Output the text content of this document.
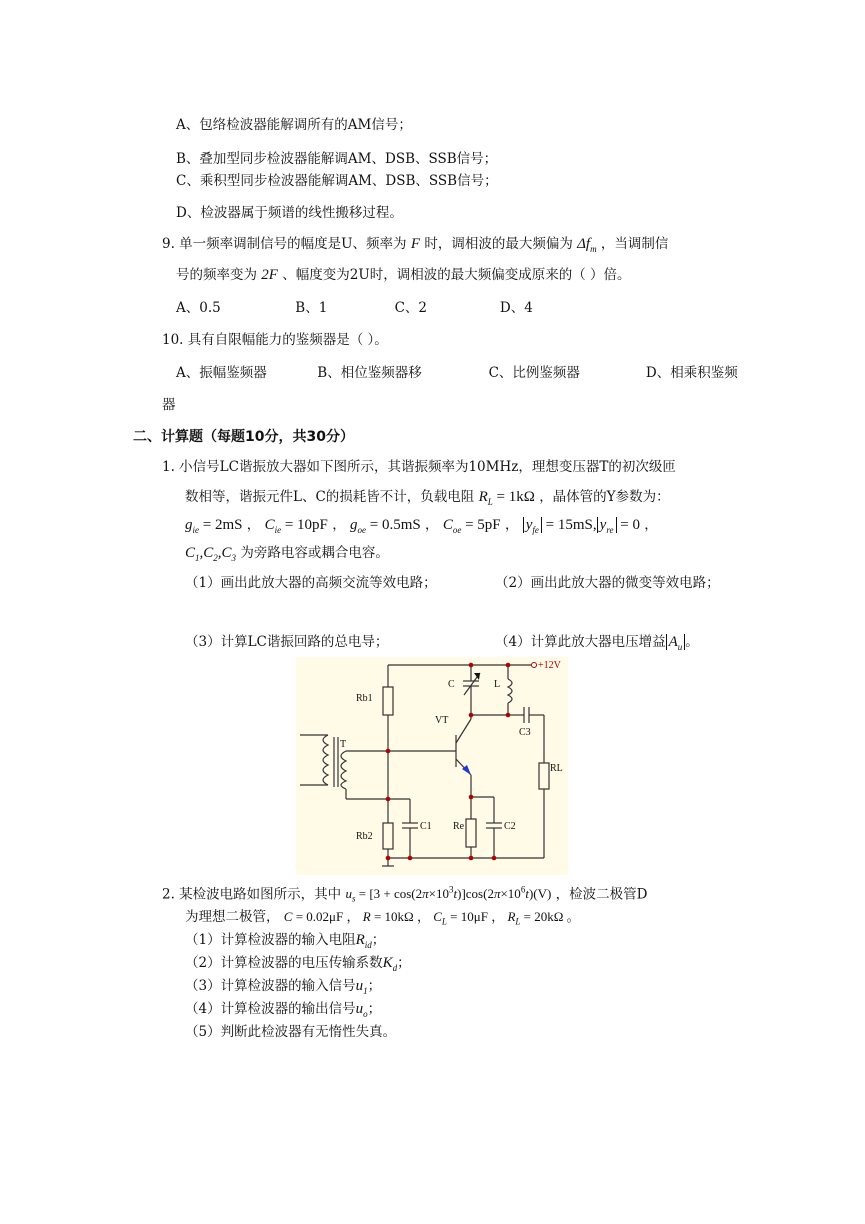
A、包络检波器能解调所有的AM信号；
B、叠加型同步检波器能解调AM、DSB、SSB信号；
C、乘积型同步检波器能解调AM、DSB、SSB信号；
D、检波器属于频谱的线性搬移过程。
9. 单一频率调制信号的幅度是U、频率为 F 时，调相波的最大频偏为 $\Delta f_m$ ，当调制信
号的频率变为 2F 、幅度变为2U时，调相波的最大频偏变成原来的（ ）倍。
A、0.5	B、1	C、2	D、4
10. 具有自限幅能力的鉴频器是（ ）。
A、振幅鉴频器	B、相位鉴频器移	C、比例鉴频器	D、相乘积鉴频
器
二、计算题（每题10分，共30分）
1. 小信号LC谐振放大器如下图所示，其谐振频率为10MHz，理想变压器T的初次级匝
数相等，谐振元件L、C的损耗皆不计，负载电阻 $R_L = 1k\Omega$ ，晶体管的Y参数为：
$g_{ie} = 2mS$ ， $C_{ie} = 10pF$ ， $g_{oe} = 0.5mS$ ， $C_{oe} = 5pF$ ， $y_{fe} = 15mS$, $y_{re} = 0$ ，
$C_1,C_2,C_3$ 为旁路电容或耦合电容。
（1）画出此放大器的高频交流等效电路；	（2）画出此放大器的微变等效电路；
（3）计算LC谐振回路的总电导；	（4）计算此放大器电压增益 $A_u$ 。
+12V
Rb1
Rb2
C	L
VT
T
C1	C2
C3
Re
RL
2. 某检波电路如图所示，其中 $u_s = [3 + \cos(2\pi\times 10^3t)]\cos(2\pi\times 10^6t)(V)$ ，检波二极管D
为理想二极管， C = 0.02μF ， R = 10kΩ ， $C_L = 10\mu F$ ， $R_L = 20k\Omega$ 。
（1）计算检波器的输入电阻$R_{id}$；
（2）计算检波器的电压传输系数$K_d$；
（3）计算检波器的输入信号$u_1$；
（4）计算检波器的输出信号$u_o$；
（5）判断此检波器有无惰性失真。
